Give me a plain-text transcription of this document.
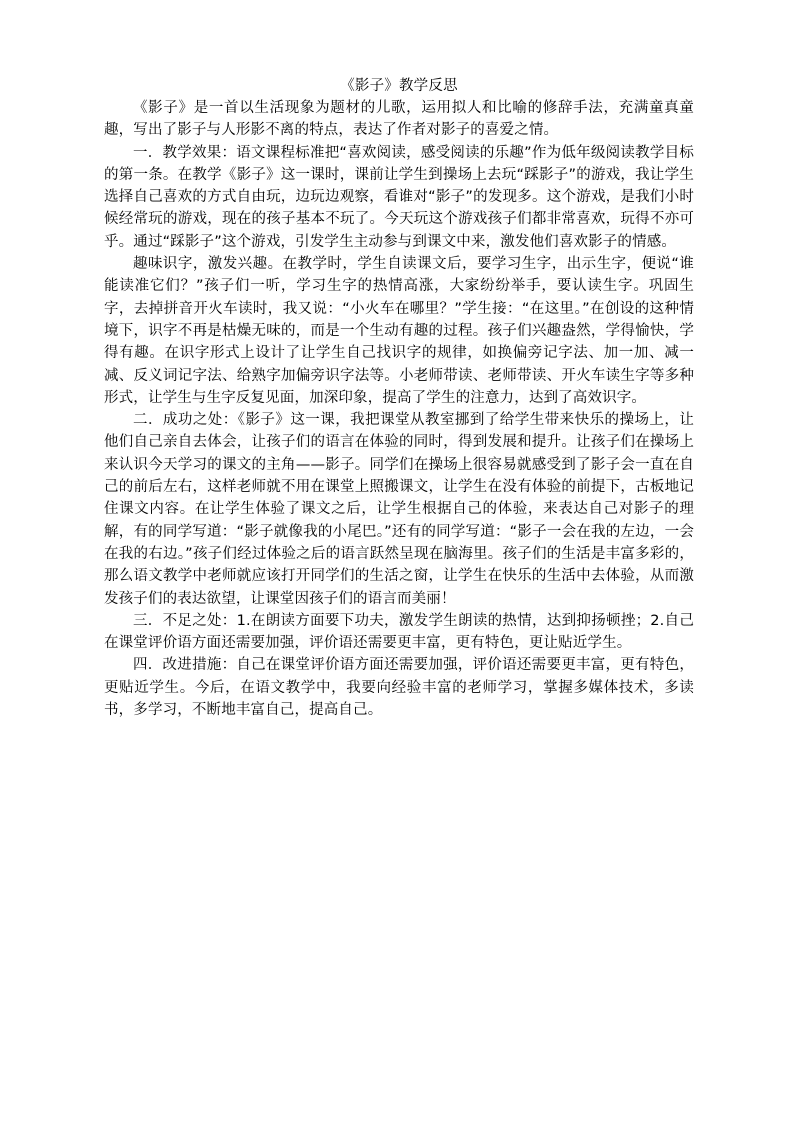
《影子》教学反思

《影子》是一首以生活现象为题材的儿歌，运用拟人和比喻的修辞手法，充满童真童趣，写出了影子与人形影不离的特点，表达了作者对影子的喜爱之情。

一．教学效果：语文课程标准把“喜欢阅读，感受阅读的乐趣”作为低年级阅读教学目标的第一条。在教学《影子》这一课时，课前让学生到操场上去玩“踩影子”的游戏，我让学生选择自己喜欢的方式自由玩，边玩边观察，看谁对“影子”的发现多。这个游戏，是我们小时候经常玩的游戏，现在的孩子基本不玩了。今天玩这个游戏孩子们都非常喜欢，玩得不亦可乎。通过“踩影子”这个游戏，引发学生主动参与到课文中来，激发他们喜欢影子的情感。

趣味识字，激发兴趣。在教学时，学生自读课文后，要学习生字，出示生字，便说“谁能读准它们？”孩子们一听，学习生字的热情高涨，大家纷纷举手，要认读生字。巩固生字，去掉拼音开火车读时，我又说：“小火车在哪里？”学生接：“在这里。”在创设的这种情境下，识字不再是枯燥无味的，而是一个生动有趣的过程。孩子们兴趣盎然，学得愉快，学得有趣。在识字形式上设计了让学生自己找识字的规律，如换偏旁记字法、加一加、减一减、反义词记字法、给熟字加偏旁识字法等。小老师带读、老师带读、开火车读生字等多种形式，让学生与生字反复见面，加深印象，提高了学生的注意力，达到了高效识字。

二．成功之处：《影子》这一课，我把课堂从教室挪到了给学生带来快乐的操场上，让他们自己亲自去体会，让孩子们的语言在体验的同时，得到发展和提升。让孩子们在操场上来认识今天学习的课文的主角——影子。同学们在操场上很容易就感受到了影子会一直在自己的前后左右，这样老师就不用在课堂上照搬课文，让学生在没有体验的前提下，古板地记住课文内容。在让学生体验了课文之后，让学生根据自己的体验，来表达自己对影子的理解，有的同学写道：“影子就像我的小尾巴。”还有的同学写道：“影子一会在我的左边，一会在我的右边。”孩子们经过体验之后的语言跃然呈现在脑海里。孩子们的生活是丰富多彩的，那么语文教学中老师就应该打开同学们的生活之窗，让学生在快乐的生活中去体验，从而激发孩子们的表达欲望，让课堂因孩子们的语言而美丽！

三．不足之处：1.在朗读方面要下功夫，激发学生朗读的热情，达到抑扬顿挫；2.自己在课堂评价语方面还需要加强，评价语还需要更丰富，更有特色，更让贴近学生。

四．改进措施：自己在课堂评价语方面还需要加强，评价语还需要更丰富，更有特色，更贴近学生。今后，在语文教学中，我要向经验丰富的老师学习，掌握多媒体技术，多读书，多学习，不断地丰富自己，提高自己。
